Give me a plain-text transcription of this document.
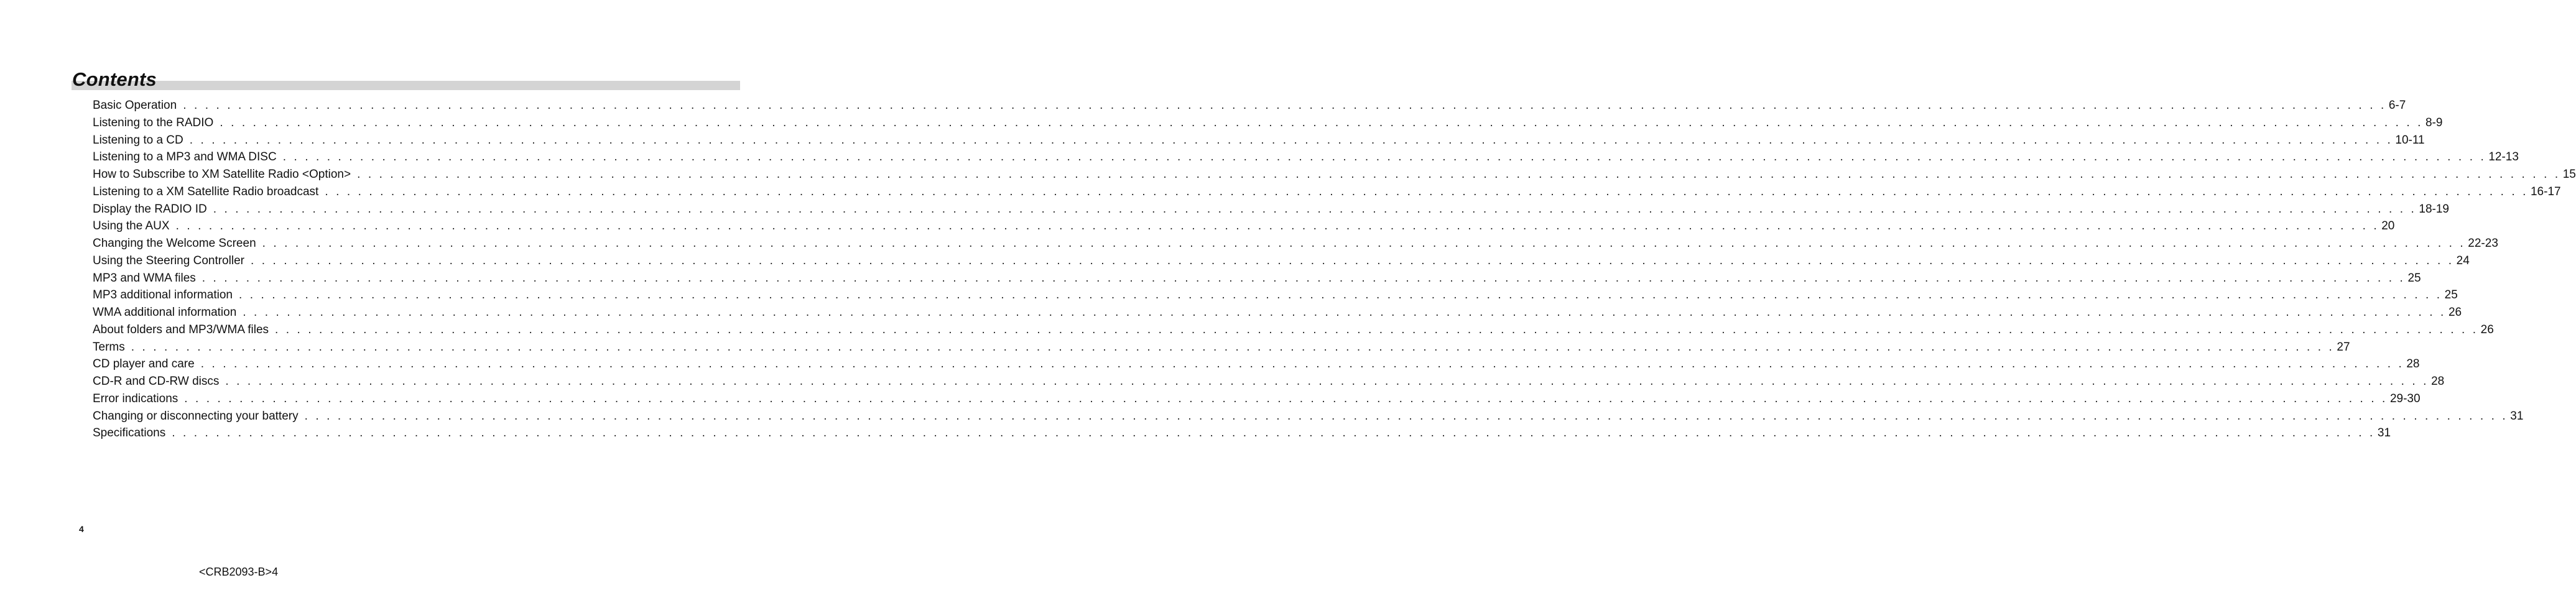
Contents
Basic Operation . . . . . . . . . . . . . . . . . . . . . . . . . . . . . . . . . . . . . . . . . . . . . . . . . . . . . . . . . . . . . . . . . . . . . . . . . . . . . . . . . . . . . . . . . . . . . . . . . . . . . . . . . . . . . . . . . . . . . . . . . . . . . . . . . . . . . . . . . . . . . . . . . . . . . . . . . . . . . . . . . . . . . . . . . . . . . . . . . . . . . . . . . . . . . . . . . . . . . . . . 6-7
Listening to the RADIO . . . . . . . . . . . . . . . . . . . . . . . . . . . . . . . . . . . . . . . . . . . . . . . . . . . . . . . . . . . . . . . . . . . . . . . . . . . . . . . . . . . . . . . . . . . . . . . . . . . . . . . . . . . . . . . . . . . . . . . . . . . . . . . . . . . . . . . . . . . . . . . . . . . . . . . . . . . . . . . . . . . . . . . . . . . . . . . . . . . . . . . . . . . . . . . . . . . . . . . . 8-9
Listening to a CD . . . . . . . . . . . . . . . . . . . . . . . . . . . . . . . . . . . . . . . . . . . . . . . . . . . . . . . . . . . . . . . . . . . . . . . . . . . . . . . . . . . . . . . . . . . . . . . . . . . . . . . . . . . . . . . . . . . . . . . . . . . . . . . . . . . . . . . . . . . . . . . . . . . . . . . . . . . . . . . . . . . . . . . . . . . . . . . . . . . . . . . . . . . . . . . . . . . . . . . . 10-11
Listening to a MP3 and WMA DISC . . . . . . . . . . . . . . . . . . . . . . . . . . . . . . . . . . . . . . . . . . . . . . . . . . . . . . . . . . . . . . . . . . . . . . . . . . . . . . . . . . . . . . . . . . . . . . . . . . . . . . . . . . . . . . . . . . . . . . . . . . . . . . . . . . . . . . . . . . . . . . . . . . . . . . . . . . . . . . . . . . . . . . . . . . . . . . . . . . . . . . . . . . . . . . . . . . . . . . . . 12-13
How to Subscribe to XM Satellite Radio <Option> . . . . . . . . . . . . . . . . . . . . . . . . . . . . . . . . . . . . . . . . . . . . . . . . . . . . . . . . . . . . . . . . . . . . . . . . . . . . . . . . . . . . . . . . . . . . . . . . . . . . . . . . . . . . . . . . . . . . . . . . . . . . . . . . . . . . . . . . . . . . . . . . . . . . . . . . . . . . . . . . . . . . . . . . . . . . . . . . . . . . . . . . . . . . . . . . . . . . . . . . 15
Listening to a XM Satellite Radio broadcast . . . . . . . . . . . . . . . . . . . . . . . . . . . . . . . . . . . . . . . . . . . . . . . . . . . . . . . . . . . . . . . . . . . . . . . . . . . . . . . . . . . . . . . . . . . . . . . . . . . . . . . . . . . . . . . . . . . . . . . . . . . . . . . . . . . . . . . . . . . . . . . . . . . . . . . . . . . . . . . . . . . . . . . . . . . . . . . . . . . . . . . . . . . . . . . . . . . . . . . . 16-17
Display the RADIO ID . . . . . . . . . . . . . . . . . . . . . . . . . . . . . . . . . . . . . . . . . . . . . . . . . . . . . . . . . . . . . . . . . . . . . . . . . . . . . . . . . . . . . . . . . . . . . . . . . . . . . . . . . . . . . . . . . . . . . . . . . . . . . . . . . . . . . . . . . . . . . . . . . . . . . . . . . . . . . . . . . . . . . . . . . . . . . . . . . . . . . . . . . . . . . . . . . . . . . . . . 18-19
Using the AUX . . . . . . . . . . . . . . . . . . . . . . . . . . . . . . . . . . . . . . . . . . . . . . . . . . . . . . . . . . . . . . . . . . . . . . . . . . . . . . . . . . . . . . . . . . . . . . . . . . . . . . . . . . . . . . . . . . . . . . . . . . . . . . . . . . . . . . . . . . . . . . . . . . . . . . . . . . . . . . . . . . . . . . . . . . . . . . . . . . . . . . . . . . . . . . . . . . . . . . . . 20
Changing the Welcome Screen . . . . . . . . . . . . . . . . . . . . . . . . . . . . . . . . . . . . . . . . . . . . . . . . . . . . . . . . . . . . . . . . . . . . . . . . . . . . . . . . . . . . . . . . . . . . . . . . . . . . . . . . . . . . . . . . . . . . . . . . . . . . . . . . . . . . . . . . . . . . . . . . . . . . . . . . . . . . . . . . . . . . . . . . . . . . . . . . . . . . . . . . . . . . . . . . . . . . . . . . 22-23
Using the Steering Controller . . . . . . . . . . . . . . . . . . . . . . . . . . . . . . . . . . . . . . . . . . . . . . . . . . . . . . . . . . . . . . . . . . . . . . . . . . . . . . . . . . . . . . . . . . . . . . . . . . . . . . . . . . . . . . . . . . . . . . . . . . . . . . . . . . . . . . . . . . . . . . . . . . . . . . . . . . . . . . . . . . . . . . . . . . . . . . . . . . . . . . . . . . . . . . . . . . . . . . . . 24
MP3 and WMA files . . . . . . . . . . . . . . . . . . . . . . . . . . . . . . . . . . . . . . . . . . . . . . . . . . . . . . . . . . . . . . . . . . . . . . . . . . . . . . . . . . . . . . . . . . . . . . . . . . . . . . . . . . . . . . . . . . . . . . . . . . . . . . . . . . . . . . . . . . . . . . . . . . . . . . . . . . . . . . . . . . . . . . . . . . . . . . . . . . . . . . . . . . . . . . . . . . . . . . . . 25
MP3 additional information . . . . . . . . . . . . . . . . . . . . . . . . . . . . . . . . . . . . . . . . . . . . . . . . . . . . . . . . . . . . . . . . . . . . . . . . . . . . . . . . . . . . . . . . . . . . . . . . . . . . . . . . . . . . . . . . . . . . . . . . . . . . . . . . . . . . . . . . . . . . . . . . . . . . . . . . . . . . . . . . . . . . . . . . . . . . . . . . . . . . . . . . . . . . . . . . . . . . . . . . 25
WMA additional information . . . . . . . . . . . . . . . . . . . . . . . . . . . . . . . . . . . . . . . . . . . . . . . . . . . . . . . . . . . . . . . . . . . . . . . . . . . . . . . . . . . . . . . . . . . . . . . . . . . . . . . . . . . . . . . . . . . . . . . . . . . . . . . . . . . . . . . . . . . . . . . . . . . . . . . . . . . . . . . . . . . . . . . . . . . . . . . . . . . . . . . . . . . . . . . . . . . . . . . . 26
About folders and MP3/WMA files . . . . . . . . . . . . . . . . . . . . . . . . . . . . . . . . . . . . . . . . . . . . . . . . . . . . . . . . . . . . . . . . . . . . . . . . . . . . . . . . . . . . . . . . . . . . . . . . . . . . . . . . . . . . . . . . . . . . . . . . . . . . . . . . . . . . . . . . . . . . . . . . . . . . . . . . . . . . . . . . . . . . . . . . . . . . . . . . . . . . . . . . . . . . . . . . . . . . . . . . 26
Terms . . . . . . . . . . . . . . . . . . . . . . . . . . . . . . . . . . . . . . . . . . . . . . . . . . . . . . . . . . . . . . . . . . . . . . . . . . . . . . . . . . . . . . . . . . . . . . . . . . . . . . . . . . . . . . . . . . . . . . . . . . . . . . . . . . . . . . . . . . . . . . . . . . . . . . . . . . . . . . . . . . . . . . . . . . . . . . . . . . . . . . . . . . . . . . . . . . . . . . . . 27
CD player and care . . . . . . . . . . . . . . . . . . . . . . . . . . . . . . . . . . . . . . . . . . . . . . . . . . . . . . . . . . . . . . . . . . . . . . . . . . . . . . . . . . . . . . . . . . . . . . . . . . . . . . . . . . . . . . . . . . . . . . . . . . . . . . . . . . . . . . . . . . . . . . . . . . . . . . . . . . . . . . . . . . . . . . . . . . . . . . . . . . . . . . . . . . . . . . . . . . . . . . . . 28
CD-R and CD-RW discs . . . . . . . . . . . . . . . . . . . . . . . . . . . . . . . . . . . . . . . . . . . . . . . . . . . . . . . . . . . . . . . . . . . . . . . . . . . . . . . . . . . . . . . . . . . . . . . . . . . . . . . . . . . . . . . . . . . . . . . . . . . . . . . . . . . . . . . . . . . . . . . . . . . . . . . . . . . . . . . . . . . . . . . . . . . . . . . . . . . . . . . . . . . . . . . . . . . . . . . . 28
Error indications . . . . . . . . . . . . . . . . . . . . . . . . . . . . . . . . . . . . . . . . . . . . . . . . . . . . . . . . . . . . . . . . . . . . . . . . . . . . . . . . . . . . . . . . . . . . . . . . . . . . . . . . . . . . . . . . . . . . . . . . . . . . . . . . . . . . . . . . . . . . . . . . . . . . . . . . . . . . . . . . . . . . . . . . . . . . . . . . . . . . . . . . . . . . . . . . . . . . . . . . 29-30
Changing or disconnecting your battery . . . . . . . . . . . . . . . . . . . . . . . . . . . . . . . . . . . . . . . . . . . . . . . . . . . . . . . . . . . . . . . . . . . . . . . . . . . . . . . . . . . . . . . . . . . . . . . . . . . . . . . . . . . . . . . . . . . . . . . . . . . . . . . . . . . . . . . . . . . . . . . . . . . . . . . . . . . . . . . . . . . . . . . . . . . . . . . . . . . . . . . . . . . . . . . . . . . . . . . . 31
Specifications . . . . . . . . . . . . . . . . . . . . . . . . . . . . . . . . . . . . . . . . . . . . . . . . . . . . . . . . . . . . . . . . . . . . . . . . . . . . . . . . . . . . . . . . . . . . . . . . . . . . . . . . . . . . . . . . . . . . . . . . . . . . . . . . . . . . . . . . . . . . . . . . . . . . . . . . . . . . . . . . . . . . . . . . . . . . . . . . . . . . . . . . . . . . . . . . . . . . . . . . 31
4
<CRB2093-B>4
